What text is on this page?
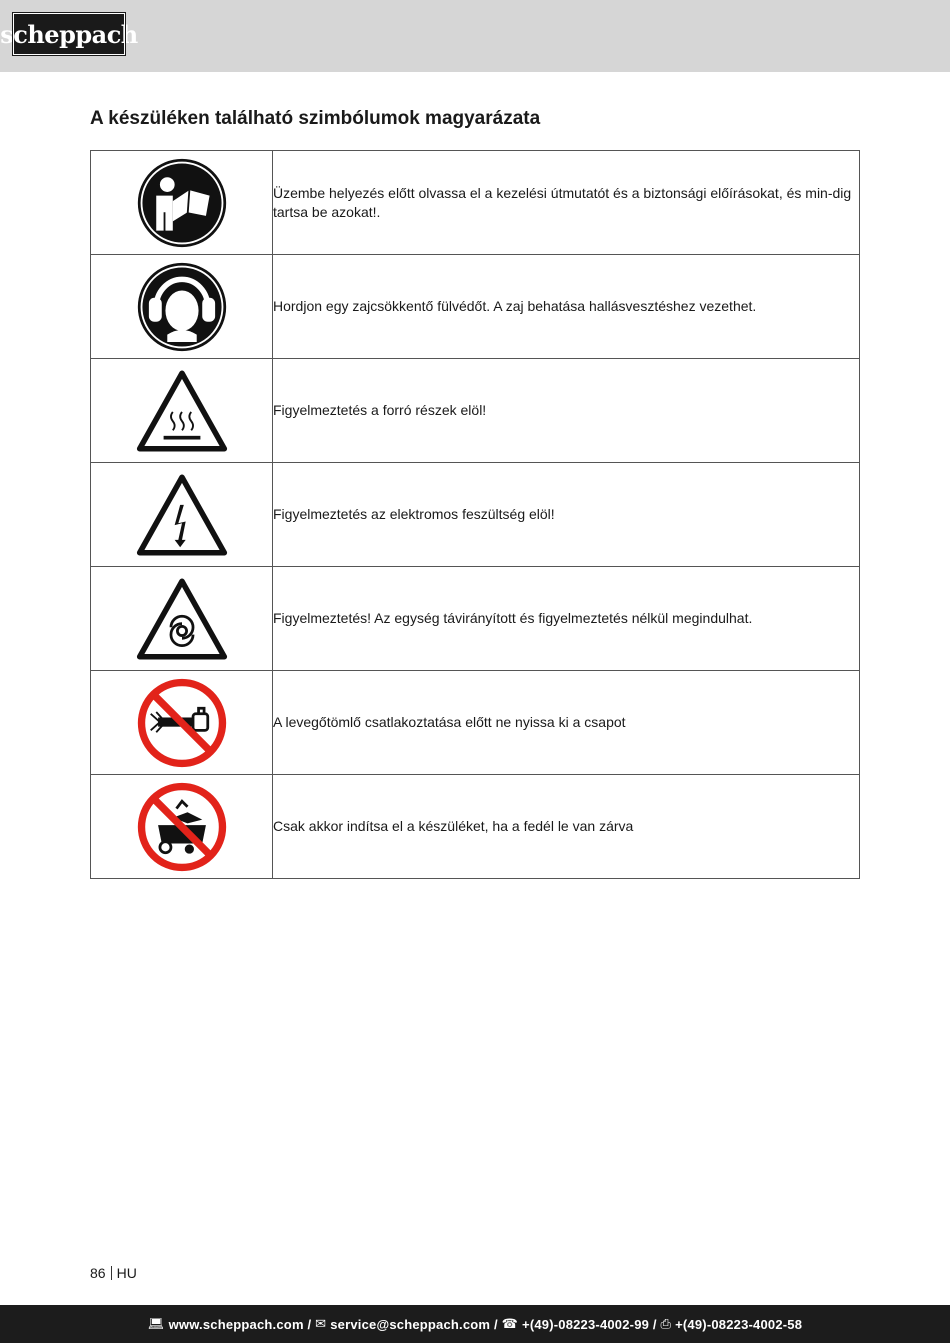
scheppach
A készüléken található szimbólumok magyarázata
	Üzembe helyezés előtt olvassa el a kezelési útmutatót és a biztonsági előírásokat, és min-dig tartsa be azokat!.
	Hordjon egy zajcsökkentő fülvédőt. A zaj behatása hallásvesztéshez vezethet.
	Figyelmeztetés a forró részek elöl!
	Figyelmeztetés az elektromos feszültség elöl!
	Figyelmeztetés! Az egység távirányított és figyelmeztetés nélkül megindulhat.
	A levegőtömlő csatlakoztatása előtt ne nyissa ki a csapot
	Csak akkor indítsa el a készüléket, ha a fedél le van zárva
86 HU
💻︎ www.scheppach.com / ✉︎ service@scheppach.com / ☎︎ +(49)-08223-4002-99 / ⎙ +(49)-08223-4002-58
